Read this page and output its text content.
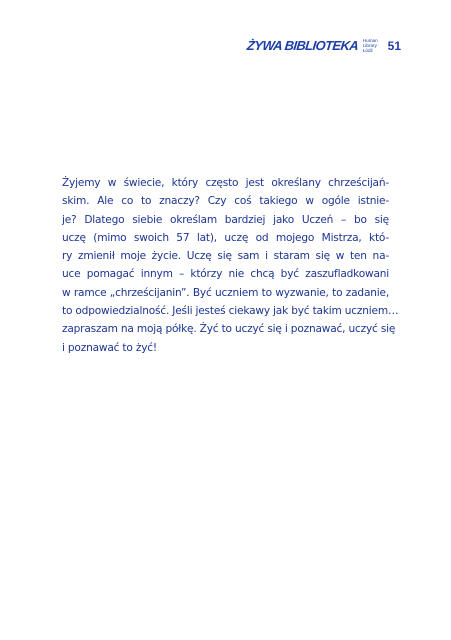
ŻYWA BIBLIOTEKA Human
Library
Łódź	51

Żyjemy w świecie, który często jest określany chrześcijań-
skim. Ale co to znaczy? Czy coś takiego w ogóle istnie-
je? Dlatego siebie określam bardziej jako Uczeń – bo się
uczę (mimo swoich 57 lat), uczę od mojego Mistrza, któ-
ry zmienił moje życie. Uczę się sam i staram się w ten na-
uce pomagać innym – którzy nie chcą być zaszufladkowani
w ramce „chrześcijanin”. Być uczniem to wyzwanie, to zadanie,
to odpowiedzialność. Jeśli jesteś ciekawy jak być takim uczniem…
zapraszam na moją półkę. Żyć to uczyć się i poznawać, uczyć się
i poznawać to żyć!
